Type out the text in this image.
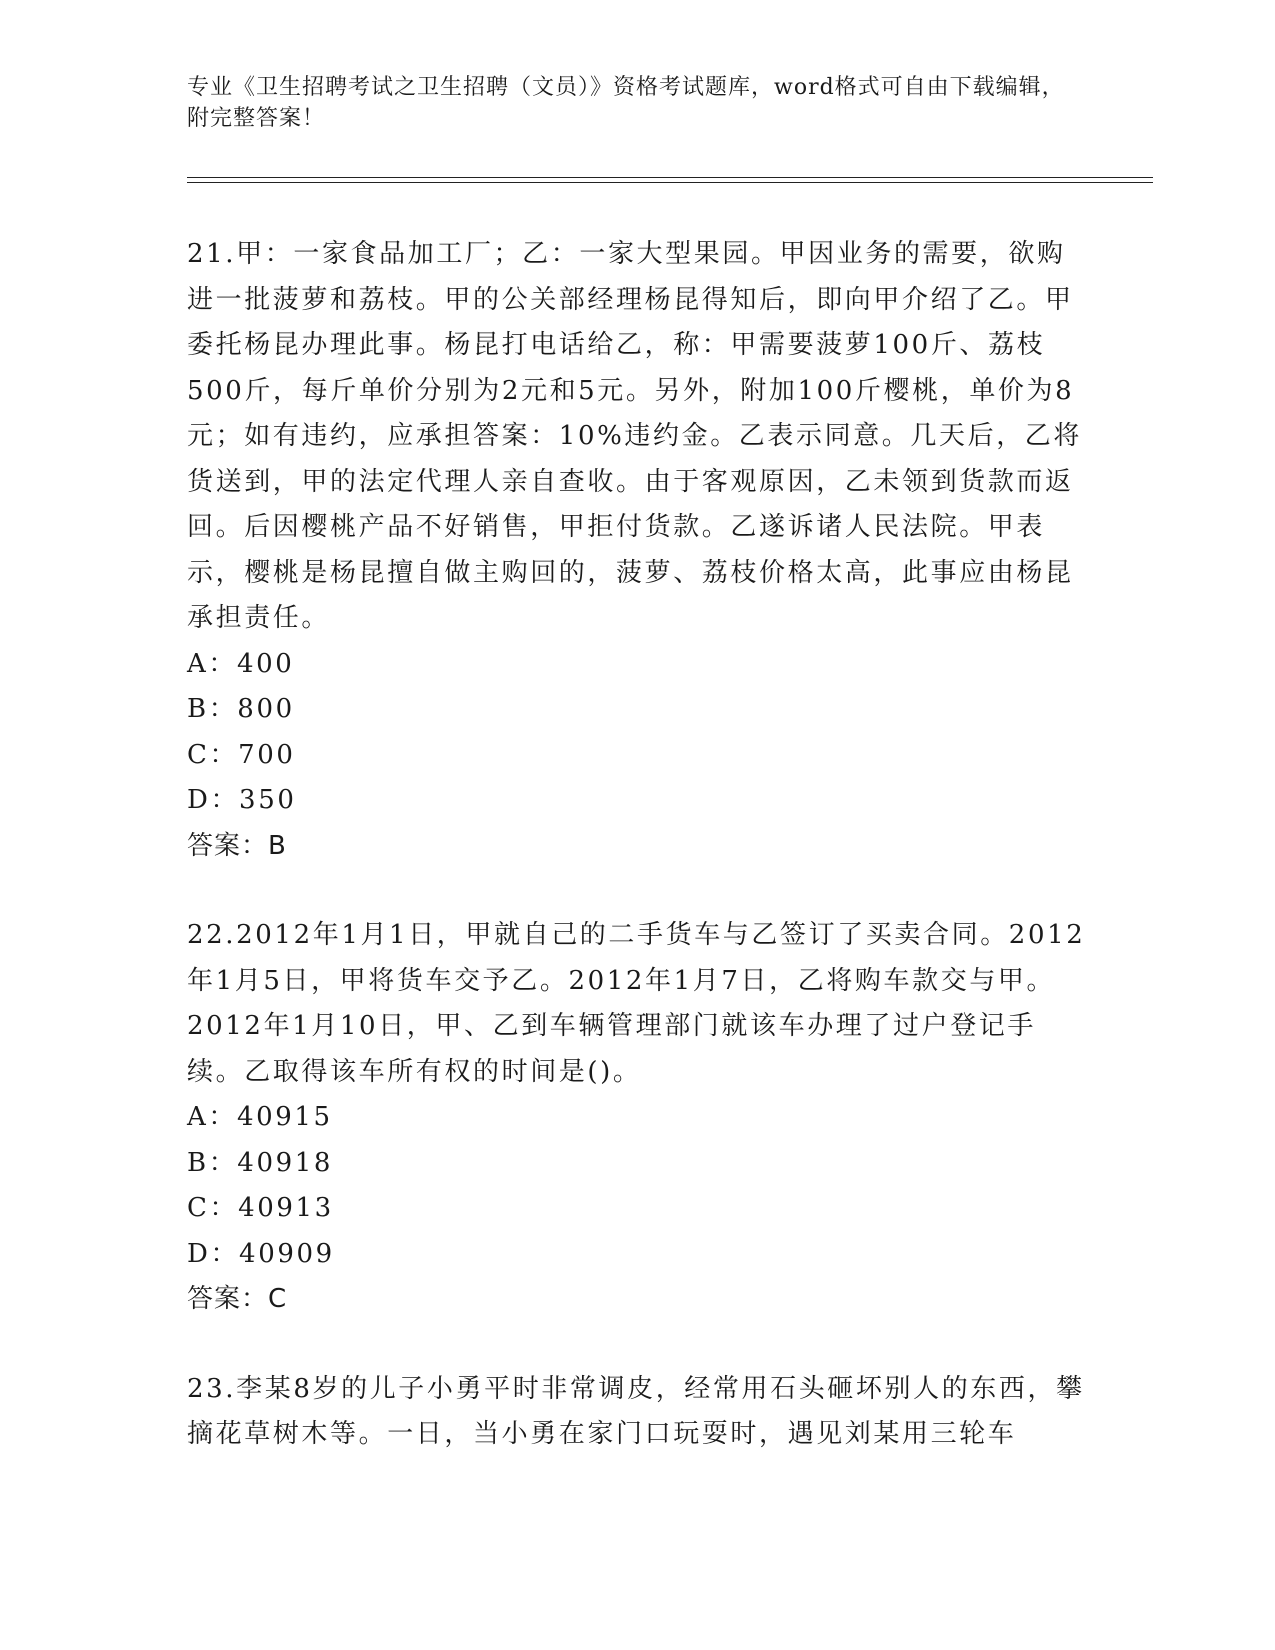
专业《卫生招聘考试之卫生招聘（文员）》资格考试题库，word格式可自由下载编辑，附完整答案！

21.甲：一家食品加工厂；乙：一家大型果园。甲因业务的需要，欲购进一批菠萝和荔枝。甲的公关部经理杨昆得知后，即向甲介绍了乙。甲委托杨昆办理此事。杨昆打电话给乙，称：甲需要菠萝100斤、荔枝500斤，每斤单价分别为2元和5元。另外，附加100斤樱桃，单价为8元；如有违约，应承担答案：10%违约金。乙表示同意。几天后，乙将货送到，甲的法定代理人亲自查收。由于客观原因，乙未领到货款而返回。后因樱桃产品不好销售，甲拒付货款。乙遂诉诸人民法院。甲表示，樱桃是杨昆擅自做主购回的，菠萝、荔枝价格太高，此事应由杨昆承担责任。

A：400

B：800

C：700

D：350

答案：B

22.2012年1月1日，甲就自己的二手货车与乙签订了买卖合同。2012年1月5日，甲将货车交予乙。2012年1月7日，乙将购车款交与甲。2012年1月10日，甲、乙到车辆管理部门就该车办理了过户登记手续。乙取得该车所有权的时间是()。

A：40915

B：40918

C：40913

D：40909

答案：C

23.李某8岁的儿子小勇平时非常调皮，经常用石头砸坏别人的东西，攀摘花草树木等。一日，当小勇在家门口玩耍时，遇见刘某用三轮车
